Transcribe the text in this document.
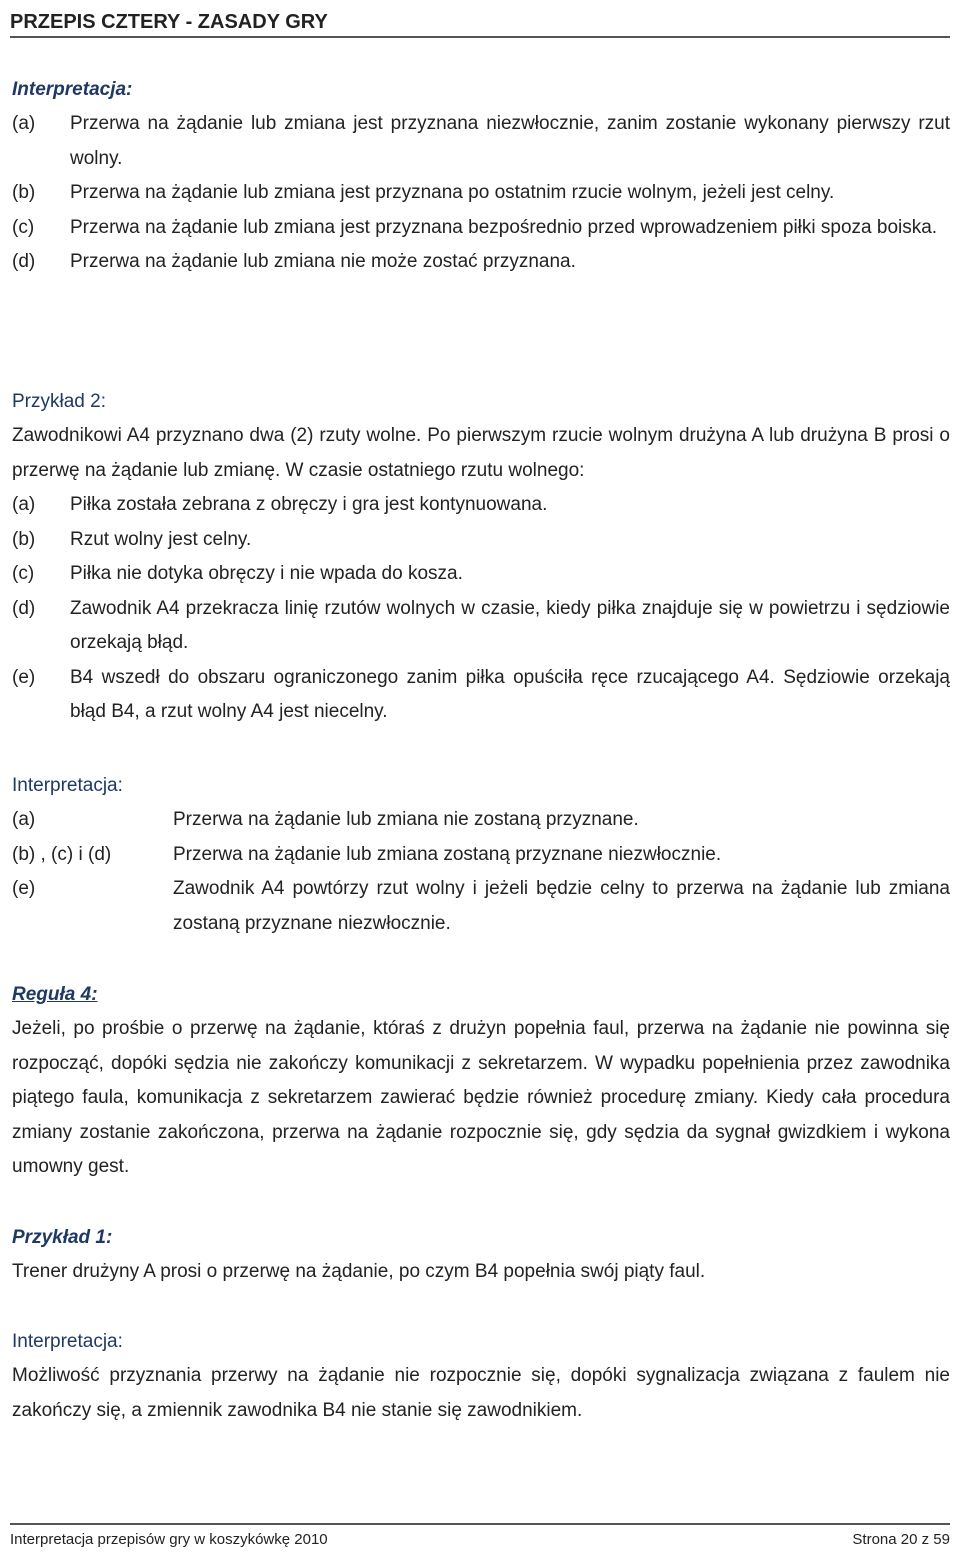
PRZEPIS CZTERY - ZASADY GRY
Interpretacja:
(a)	Przerwa na żądanie lub zmiana jest przyznana niezwłocznie, zanim zostanie wykonany pierwszy rzut wolny.
(b)	Przerwa na żądanie lub zmiana jest przyznana po ostatnim rzucie wolnym, jeżeli jest celny.
(c)	Przerwa na żądanie lub zmiana jest przyznana bezpośrednio przed wprowadzeniem piłki spoza boiska.
(d)	Przerwa na żądanie lub zmiana nie może zostać przyznana.
Przykład 2:
Zawodnikowi A4 przyznano dwa (2) rzuty wolne. Po pierwszym rzucie wolnym drużyna A lub drużyna B prosi o przerwę na żądanie lub zmianę. W czasie ostatniego rzutu wolnego:
(a)	Piłka została zebrana z obręczy i gra jest kontynuowana.
(b)	Rzut wolny jest celny.
(c)	Piłka nie dotyka obręczy i nie wpada do kosza.
(d)	Zawodnik A4 przekracza linię rzutów wolnych w czasie, kiedy piłka znajduje się w powietrzu i sędziowie orzekają błąd.
(e)	B4 wszedł do obszaru ograniczonego zanim piłka opuściła ręce rzucającego A4. Sędziowie orzekają błąd B4, a rzut wolny A4 jest niecelny.
Interpretacja:
(a)	Przerwa na żądanie lub zmiana nie zostaną przyznane.
(b) , (c) i (d)	Przerwa na żądanie lub zmiana zostaną przyznane niezwłocznie.
(e)	Zawodnik A4 powtórzy rzut wolny i jeżeli będzie celny to przerwa na żądanie lub zmiana zostaną przyznane niezwłocznie.
Reguła 4:
Jeżeli, po prośbie o przerwę na żądanie, któraś z drużyn popełnia faul, przerwa na żądanie nie powinna się rozpocząć, dopóki sędzia nie zakończy komunikacji z sekretarzem. W wypadku popełnienia przez zawodnika piątego faula, komunikacja z sekretarzem zawierać będzie również procedurę zmiany. Kiedy cała procedura zmiany zostanie zakończona, przerwa na żądanie rozpocznie się, gdy sędzia da sygnał gwizdkiem i wykona umowny gest.
Przykład 1:
Trener drużyny A prosi o przerwę na żądanie, po czym B4 popełnia swój piąty faul.
Interpretacja:
Możliwość przyznania przerwy na żądanie nie rozpocznie się, dopóki sygnalizacja związana z faulem nie zakończy się, a zmiennik zawodnika B4 nie stanie się zawodnikiem.
Interpretacja przepisów gry w koszykówkę 2010	Strona 20 z 59
